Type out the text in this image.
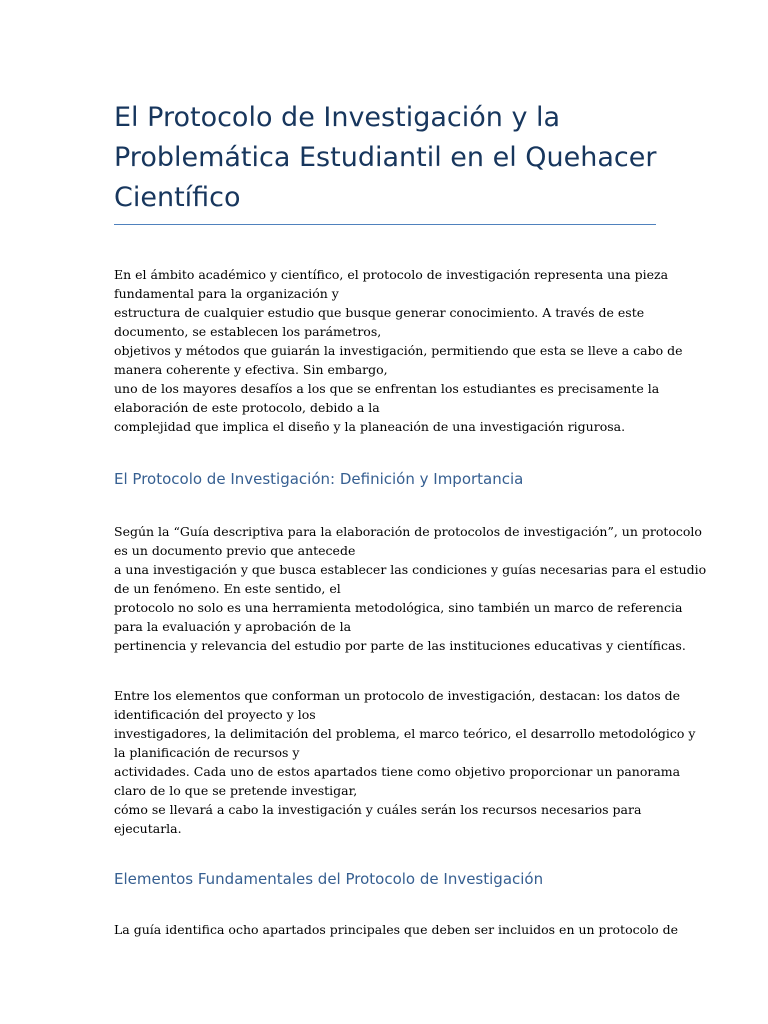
El Protocolo de Investigación y la
Problemática Estudiantil en el Quehacer
Científico

En el ámbito académico y científico, el protocolo de investigación representa una pieza
fundamental para la organización y
estructura de cualquier estudio que busque generar conocimiento. A través de este
documento, se establecen los parámetros,
objetivos y métodos que guiarán la investigación, permitiendo que esta se lleve a cabo de
manera coherente y efectiva. Sin embargo,
uno de los mayores desafíos a los que se enfrentan los estudiantes es precisamente la
elaboración de este protocolo, debido a la
complejidad que implica el diseño y la planeación de una investigación rigurosa.

El Protocolo de Investigación: Definición y Importancia

Según la “Guía descriptiva para la elaboración de protocolos de investigación”, un protocolo
es un documento previo que antecede
a una investigación y que busca establecer las condiciones y guías necesarias para el estudio
de un fenómeno. En este sentido, el
protocolo no solo es una herramienta metodológica, sino también un marco de referencia
para la evaluación y aprobación de la
pertinencia y relevancia del estudio por parte de las instituciones educativas y científicas.

Entre los elementos que conforman un protocolo de investigación, destacan: los datos de
identificación del proyecto y los
investigadores, la delimitación del problema, el marco teórico, el desarrollo metodológico y
la planificación de recursos y
actividades. Cada uno de estos apartados tiene como objetivo proporcionar un panorama
claro de lo que se pretende investigar,
cómo se llevará a cabo la investigación y cuáles serán los recursos necesarios para
ejecutarla.

Elementos Fundamentales del Protocolo de Investigación

La guía identifica ocho apartados principales que deben ser incluidos en un protocolo de
